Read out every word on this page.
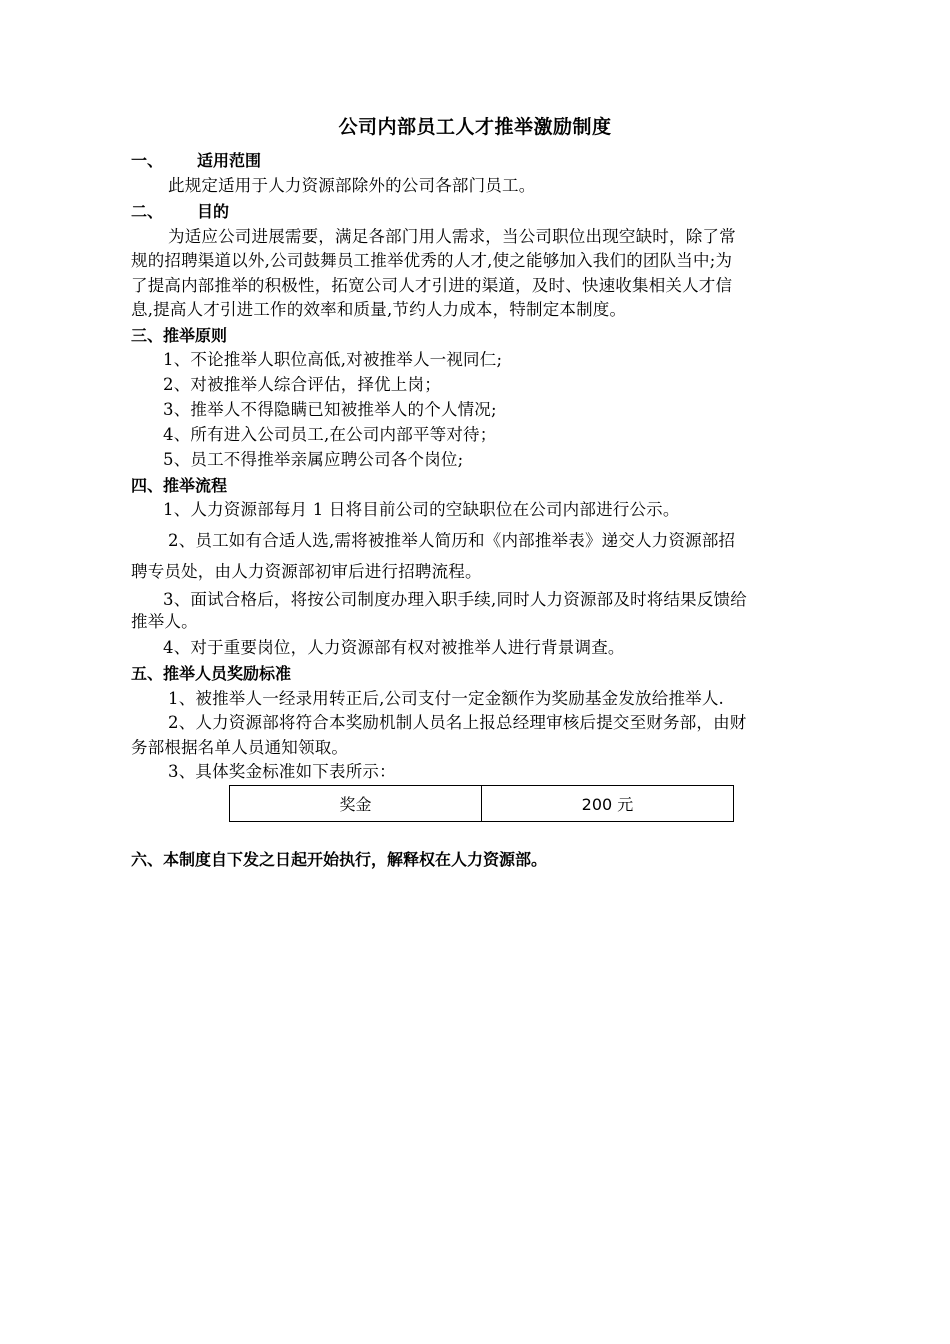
公司内部员工人才推举激励制度
一、 适用范围
此规定适用于人力资源部除外的公司各部门员工。
二、 目的
为适应公司进展需要，满足各部门用人需求，当公司职位出现空缺时，除了常
规的招聘渠道以外,公司鼓舞员工推举优秀的人才,使之能够加入我们的团队当中;为
了提高内部推举的积极性，拓宽公司人才引进的渠道，及时、快速收集相关人才信
息,提高人才引进工作的效率和质量,节约人力成本，特制定本制度。
三、推举原则
1、不论推举人职位高低,对被推举人一视同仁;
2、对被推举人综合评估，择优上岗；
3、推举人不得隐瞒已知被推举人的个人情况;
4、所有进入公司员工,在公司内部平等对待；
5、员工不得推举亲属应聘公司各个岗位;
四、推举流程
1、人力资源部每月 1 日将目前公司的空缺职位在公司内部进行公示。
2、员工如有合适人选,需将被推举人简历和《内部推举表》递交人力资源部招
聘专员处，由人力资源部初审后进行招聘流程。
3、面试合格后，将按公司制度办理入职手续,同时人力资源部及时将结果反馈给
推举人。
4、对于重要岗位，人力资源部有权对被推举人进行背景调查。
五、推举人员奖励标准
1、被推举人一经录用转正后,公司支付一定金额作为奖励基金发放给推举人.
2、人力资源部将符合本奖励机制人员名上报总经理审核后提交至财务部，由财
务部根据名单人员通知领取。
3、具体奖金标准如下表所示：
奖金	200 元
六、本制度自下发之日起开始执行，解释权在人力资源部。
